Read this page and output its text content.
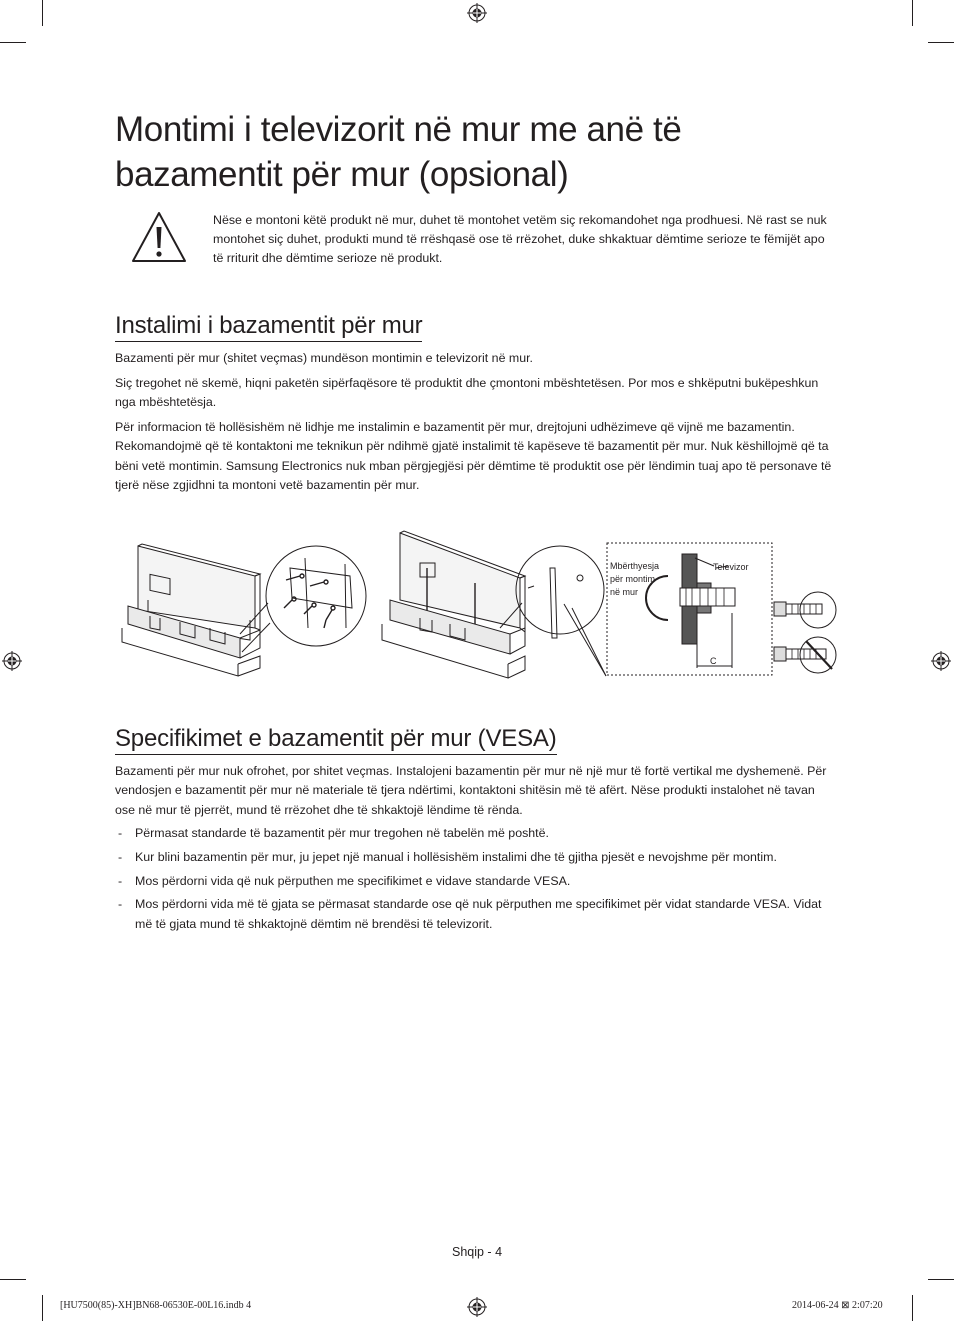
Montimi i televizorit në mur me anë të bazamentit për mur (opsional)

Nëse e montoni këtë produkt në mur, duhet të montohet vetëm siç rekomandohet nga prodhuesi. Në rast se nuk montohet siç duhet, produkti mund të rrëshqasë ose të rrëzohet, duke shkaktuar dëmtime serioze te fëmijët apo të rriturit dhe dëmtime serioze në produkt.

Instalimi i bazamentit për mur

Bazamenti për mur (shitet veçmas) mundëson montimin e televizorit në mur.

Siç tregohet në skemë, hiqni paketën sipërfaqësore të produktit dhe çmontoni mbështetësen. Por mos e shkëputni bukëpeshkun nga mbështetësja.

Për informacion të hollësishëm në lidhje me instalimin e bazamentit për mur, drejtojuni udhëzimeve që vijnë me bazamentin. Rekomandojmë që të kontaktoni me teknikun për ndihmë gjatë instalimit të kapëseve të bazamentit për mur. Nuk këshillojmë që ta bëni vetë montimin. Samsung Electronics nuk mban përgjegjësi për dëmtime të produktit ose për lëndimin tuaj apo të personave të tjerë nëse zgjidhni ta montoni vetë bazamentin për mur.

Mbërthyesja
për montim
në mur
Televizor
C
Specifikimet e bazamentit për mur (VESA)

Bazamenti për mur nuk ofrohet, por shitet veçmas. Instalojeni bazamentin për mur në një mur të fortë vertikal me dyshemenë. Për vendosjen e bazamentit për mur në materiale të tjera ndërtimi, kontaktoni shitësin më të afërt. Nëse produkti instalohet në tavan ose në mur të pjerrët, mund të rrëzohet dhe të shkaktojë lëndime të rënda.

- Përmasat standarde të bazamentit për mur tregohen në tabelën më poshtë.
- Kur blini bazamentin për mur, ju jepet një manual i hollësishëm instalimi dhe të gjitha pjesët e nevojshme për montim.
- Mos përdorni vida që nuk përputhen me specifikimet e vidave standarde VESA.
- Mos përdorni vida më të gjata se përmasat standarde ose që nuk përputhen me specifikimet për vidat standarde VESA. Vidat më të gjata mund të shkaktojnë dëmtim në brendësi të televizorit.
Shqip - 4
[HU7500(85)-XH]BN68-06530E-00L16.indb 4	2014-06-24 ⊠ 2:07:20
